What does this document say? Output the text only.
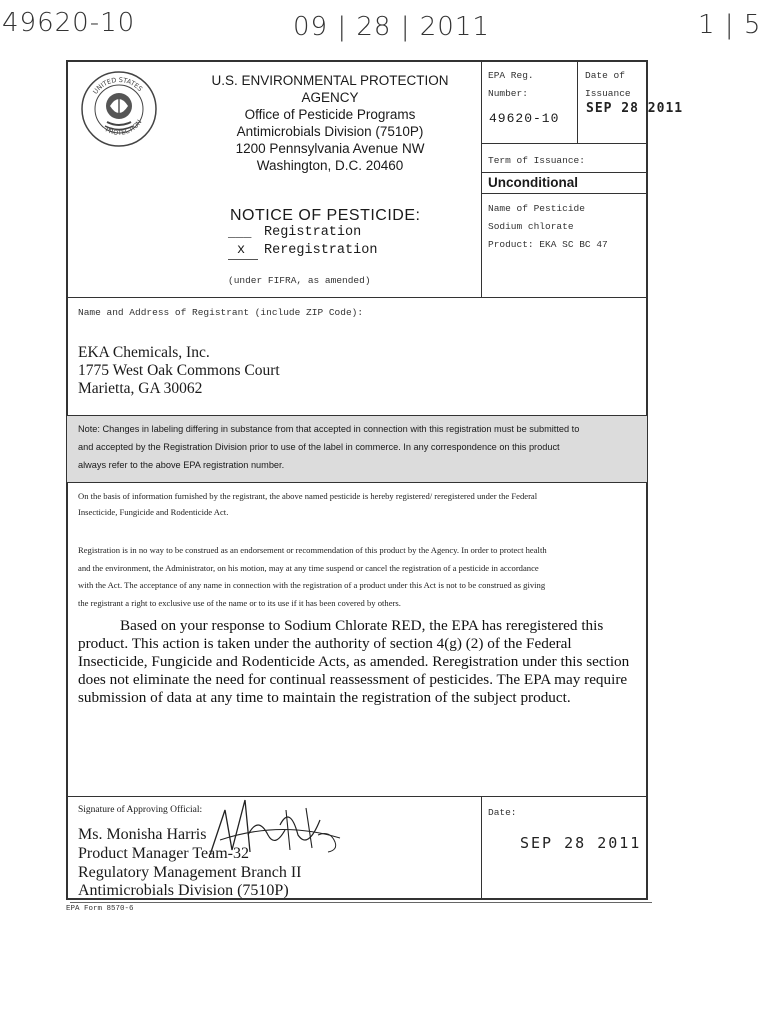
49620-10	09 | 28 | 2011	1 | 5
UNITED STATES
PROTECTION
U.S. ENVIRONMENTAL PROTECTION
AGENCY
Office of Pesticide Programs
Antimicrobials Division (7510P)
1200 Pennsylvania Avenue NW
Washington, D.C. 20460
EPA Reg.
Number:
49620-10
Date of
Issuance
SEP 28 2011
Term of Issuance:
Unconditional
Name of Pesticide
Sodium chlorate
Product: EKA SC BC 47
NOTICE OF PESTICIDE:
___ Registration
x Reregistration
(under FIFRA, as amended)
Name and Address of Registrant (include ZIP Code):
EKA Chemicals, Inc.
1775 West Oak Commons Court
Marietta, GA 30062
Note: Changes in labeling differing in substance from that accepted in connection with this registration must be submitted to
and accepted by the Registration Division prior to use of the label in commerce. In any correspondence on this product
always refer to the above EPA registration number.
On the basis of information furnished by the registrant, the above named pesticide is hereby registered/ reregistered under the Federal
Insecticide, Fungicide and Rodenticide Act.
Registration is in no way to be construed as an endorsement or recommendation of this product by the Agency. In order to protect health
and the environment, the Administrator, on his motion, may at any time suspend or cancel the registration of a pesticide in accordance
with the Act. The acceptance of any name in connection with the registration of a product under this Act is not to be construed as giving
the registrant a right to exclusive use of the name or to its use if it has been covered by others.
Based on your response to Sodium Chlorate RED, the EPA has reregistered this
product. This action is taken under the authority of section 4(g) (2) of the Federal
Insecticide, Fungicide and Rodenticide Acts, as amended. Reregistration under this section
does not eliminate the need for continual reassessment of pesticides. The EPA may require
submission of data at any time to maintain the registration of the subject product.
Signature of Approving Official:
Ms. Monisha Harris
Product Manager Team-32
Regulatory Management Branch II
Antimicrobials Division (7510P)
Date:
SEP 28 2011
EPA Form 8570-6
